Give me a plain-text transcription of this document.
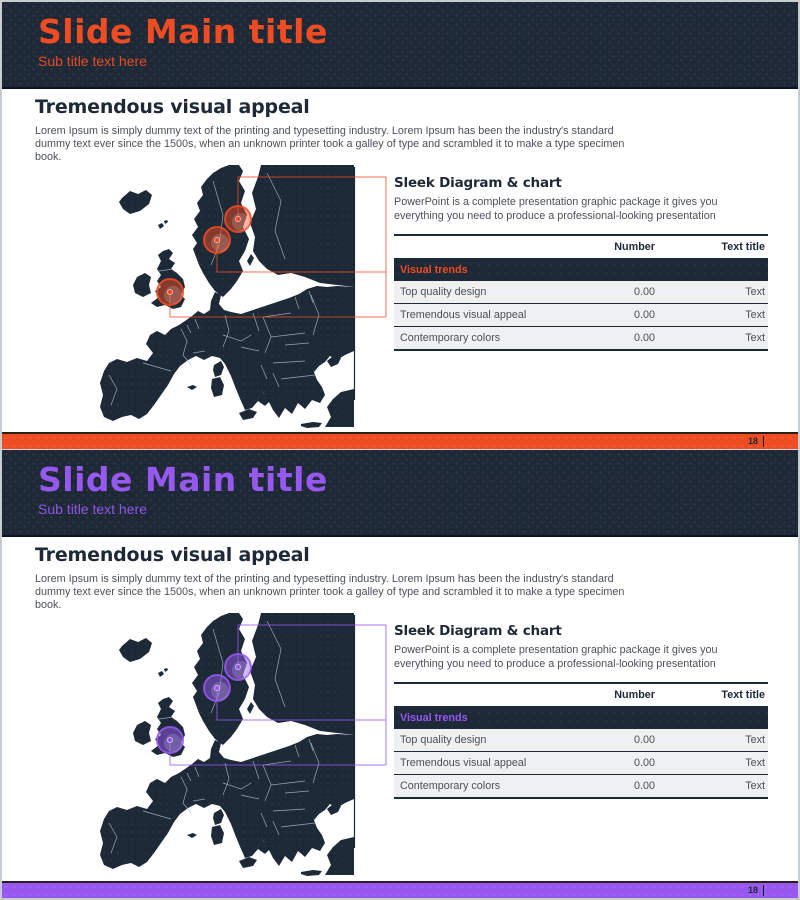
Slide Main title
Sub title text here
Tremendous visual appeal

Lorem Ipsum is simply dummy text of the printing and typesetting industry. Lorem Ipsum has been the industry's standard dummy text ever since the 1500s, when an unknown printer took a galley of type and scrambled it to make a type specimen book.

Sleek Diagram & chart

PowerPoint is a complete presentation graphic package it gives you everything you need to produce a professional-looking presentation

	Number	Text title
Visual trends		
Top quality design	0.00	Text
Tremendous visual appeal	0.00	Text
Contemporary colors	0.00	Text
18
Slide Main title
Sub title text here
Tremendous visual appeal

Lorem Ipsum is simply dummy text of the printing and typesetting industry. Lorem Ipsum has been the industry's standard dummy text ever since the 1500s, when an unknown printer took a galley of type and scrambled it to make a type specimen book.

Sleek Diagram & chart

PowerPoint is a complete presentation graphic package it gives you everything you need to produce a professional-looking presentation

	Number	Text title
Visual trends		
Top quality design	0.00	Text
Tremendous visual appeal	0.00	Text
Contemporary colors	0.00	Text
18
